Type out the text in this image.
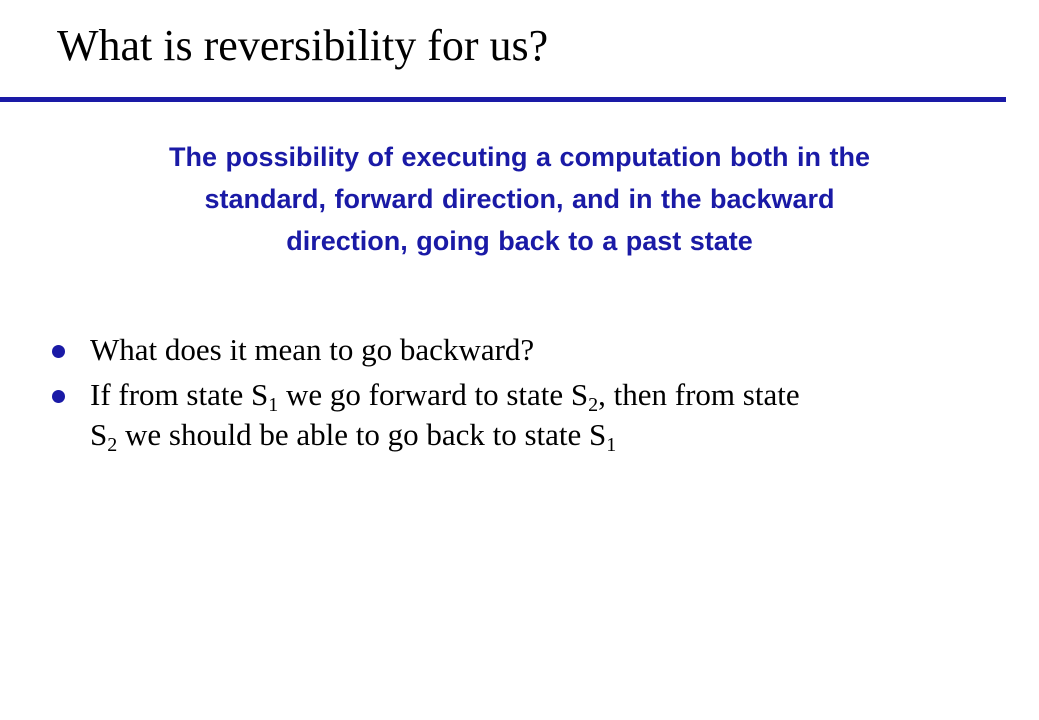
What is reversibility for us?

The possibility of executing a computation both in the
standard, forward direction, and in the backward
direction, going back to a past state

What does it mean to go backward?
If from state $S_1$ we go forward to state $S_2$, then from state
$S_2$ we should be able to go back to state $S_1$
